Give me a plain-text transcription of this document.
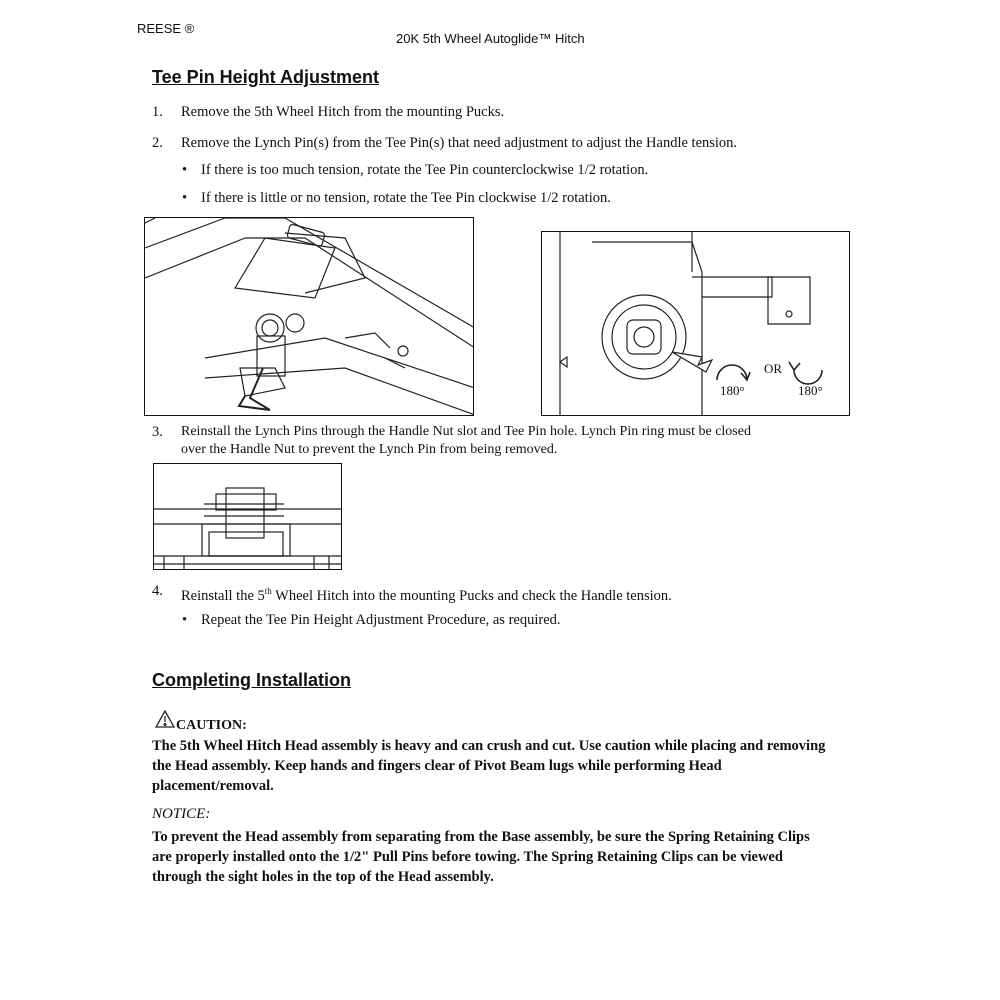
REESE ®
20K 5th Wheel Autoglide™ Hitch
Tee Pin Height Adjustment
1. Remove the 5th Wheel Hitch from the mounting Pucks.
2. Remove the Lynch Pin(s) from the Tee Pin(s) that need adjustment to adjust the Handle tension.
• If there is too much tension, rotate the Tee Pin counterclockwise 1/2 rotation.
• If there is little or no tension, rotate the Tee Pin clockwise 1/2 rotation.
OR
180°	180°
3. Reinstall the Lynch Pins through the Handle Nut slot and Tee Pin hole. Lynch Pin ring must be closed
over the Handle Nut to prevent the Lynch Pin from being removed.
4. Reinstall the 5th Wheel Hitch into the mounting Pucks and check the Handle tension.
• Repeat the Tee Pin Height Adjustment Procedure, as required.
Completing Installation
CAUTION:
The 5th Wheel Hitch Head assembly is heavy and can crush and cut. Use caution while placing and removing the Head assembly. Keep hands and fingers clear of Pivot Beam lugs while performing Head placement/removal.
NOTICE:
To prevent the Head assembly from separating from the Base assembly, be sure the Spring Retaining Clips are properly installed onto the 1/2" Pull Pins before towing. The Spring Retaining Clips can be viewed through the sight holes in the top of the Head assembly.
